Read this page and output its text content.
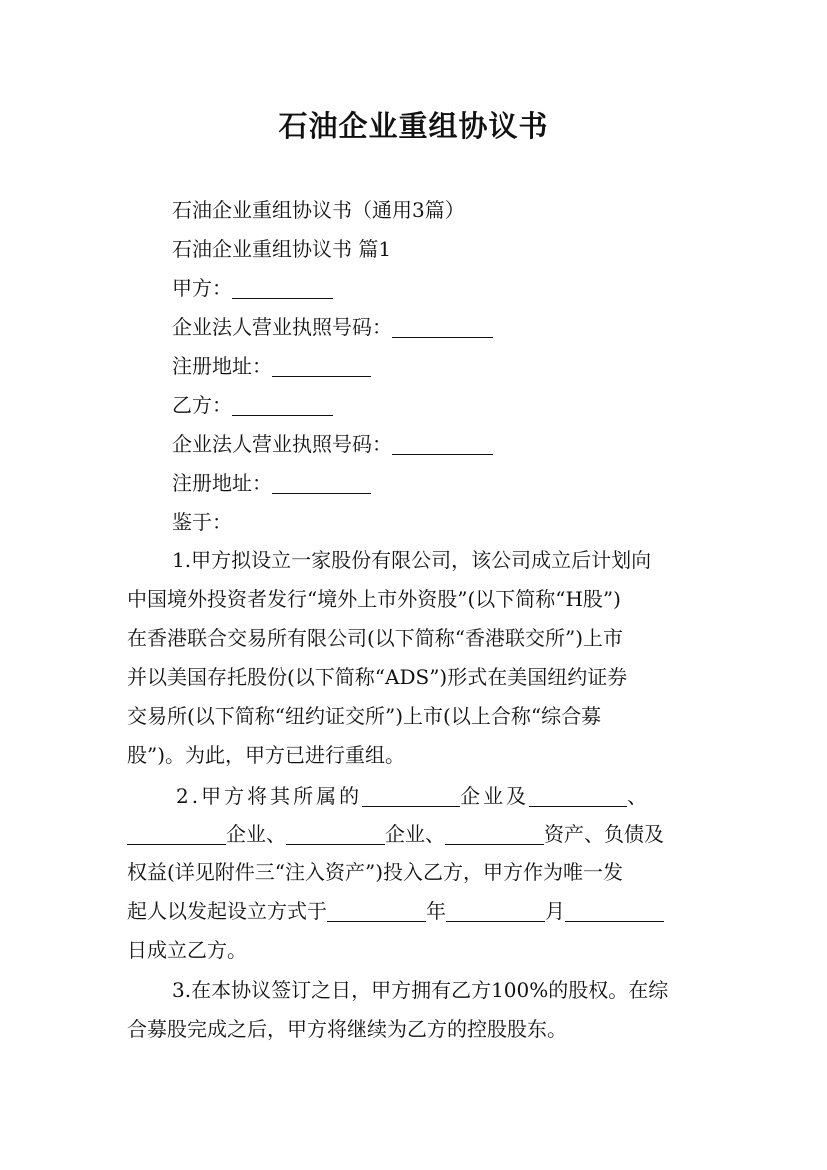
石油企业重组协议书
石油企业重组协议书（通用3篇）
石油企业重组协议书 篇1
甲方：
企业法人营业执照号码：
注册地址：
乙方：
企业法人营业执照号码：
注册地址：
鉴于：
1.甲方拟设立一家股份有限公司，该公司成立后计划向
中国境外投资者发行“境外上市外资股”(以下简称“H股”)
在香港联合交易所有限公司(以下简称“香港联交所”)上市
并以美国存托股份(以下简称“ADS”)形式在美国纽约证券
交易所(以下简称“纽约证交所”)上市(以上合称“综合募
股”)。为此，甲方已进行重组。
2.甲方将其所属的	企业及	、
企业、	企业、	资产、负债及
权益(详见附件三“注入资产”)投入乙方，甲方作为唯一发
起人以发起设立方式于	年	月
日成立乙方。
3.在本协议签订之日，甲方拥有乙方100%的股权。在综
合募股完成之后，甲方将继续为乙方的控股股东。
